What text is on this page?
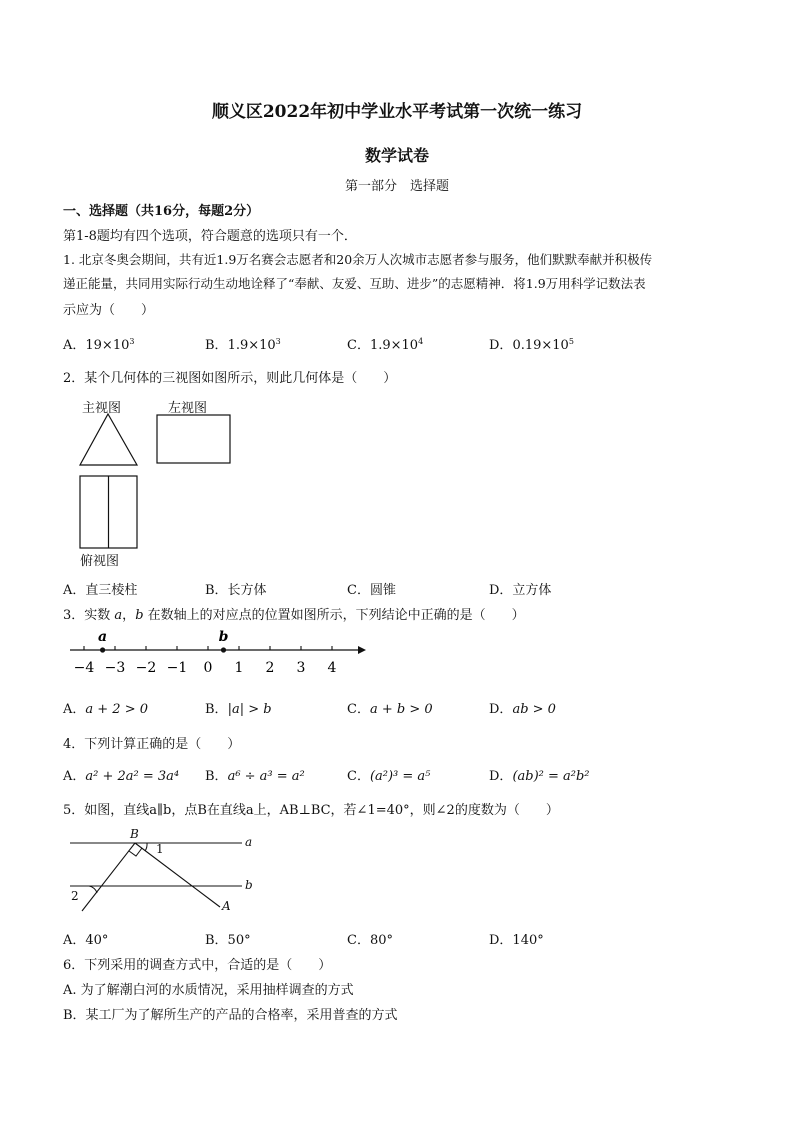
顺义区2022年初中学业水平考试第一次统一练习
数学试卷
第一部分　选择题
一、选择题（共16分，每题2分）
第1-8题均有四个选项，符合题意的选项只有一个．
1. 北京冬奥会期间，共有近1.9万名赛会志愿者和20余万人次城市志愿者参与服务，他们默默奉献并积极传
递正能量，共同用实际行动生动地诠释了“奉献、友爱、互助、进步”的志愿精神．将1.9万用科学记数法表
示应为（　　）
A．$19\times 10^3$	B．$1.9\times 10^3$	C．$1.9\times 10^4$	D．$0.19\times 10^5$
2．某个几何体的三视图如图所示，则此几何体是（　　）
主视图	左视图
俯视图
A．直三棱柱	B．长方体	C．圆锥	D．立方体
3．实数 a，b 在数轴上的对应点的位置如图所示，下列结论中正确的是（　　）
−4 −3 −2 −1 0 1 2 3 4
a	b
A．a + 2 > 0	B．|a| > b	C．a + b > 0	D．ab > 0
4．下列计算正确的是（　　）
A．a² + 2a² = 3a⁴ B．a⁶ ÷ a³ = a²	C．(a²)³ = a⁵	D．(ab)² = a²b²
5．如图，直线a∥b，点B在直线a上，AB⊥BC，若∠1=40°，则∠2的度数为（　　）
B
1	a
b
2
A
A．40°	B．50°	C．80°	D．140°
6．下列采用的调查方式中，合适的是（　　）
A. 为了解潮白河的水质情况，采用抽样调查的方式
B．某工厂为了解所生产的产品的合格率，采用普查的方式
